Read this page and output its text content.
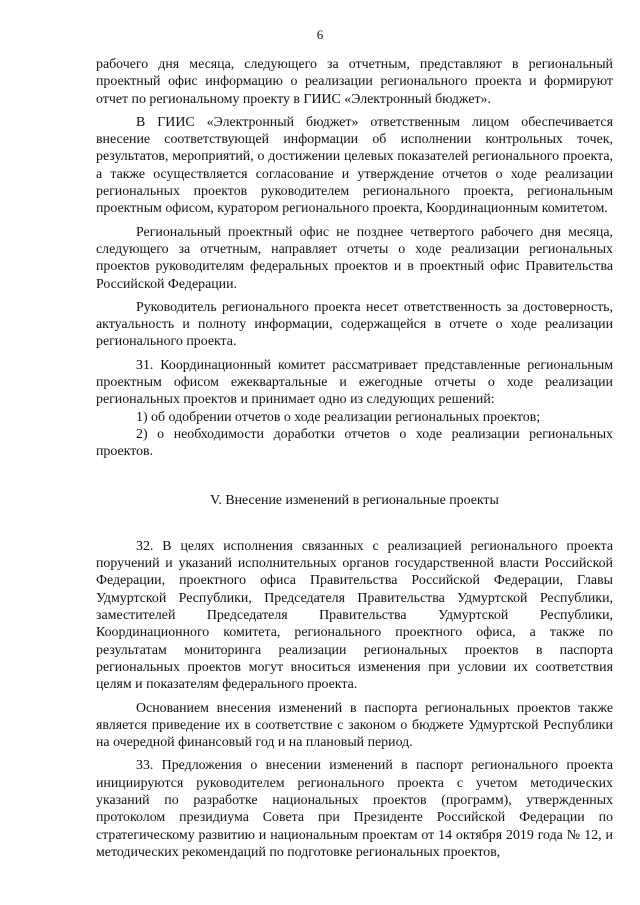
6

рабочего дня месяца, следующего за отчетным, представляют в региональный проектный офис информацию о реализации регионального проекта и формируют отчет по региональному проекту в ГИИС «Электронный бюджет».

В ГИИС «Электронный бюджет» ответственным лицом обеспечивается внесение соответствующей информации об исполнении контрольных точек, результатов, мероприятий, о достижении целевых показателей регионального проекта, а также осуществляется согласование и утверждение отчетов о ходе реализации региональных проектов руководителем регионального проекта, региональным проектным офисом, куратором регионального проекта, Координационным комитетом.

Региональный проектный офис не позднее четвертого рабочего дня месяца, следующего за отчетным, направляет отчеты о ходе реализации региональных проектов руководителям федеральных проектов и в проектный офис Правительства Российской Федерации.

Руководитель регионального проекта несет ответственность за достоверность, актуальность и полноту информации, содержащейся в отчете о ходе реализации регионального проекта.

31. Координационный комитет рассматривает представленные региональным проектным офисом ежеквартальные и ежегодные отчеты о ходе реализации региональных проектов и принимает одно из следующих решений:

1) об одобрении отчетов о ходе реализации региональных проектов;

2) о необходимости доработки отчетов о ходе реализации региональных проектов.

V. Внесение изменений в региональные проекты

32. В целях исполнения связанных с реализацией регионального проекта поручений и указаний исполнительных органов государственной власти Российской Федерации, проектного офиса Правительства Российской Федерации, Главы Удмуртской Республики, Председателя Правительства Удмуртской Республики, заместителей Председателя Правительства Удмуртской Республики, Координационного комитета, регионального проектного офиса, а также по результатам мониторинга реализации региональных проектов в паспорта региональных проектов могут вноситься изменения при условии их соответствия целям и показателям федерального проекта.

Основанием внесения изменений в паспорта региональных проектов также является приведение их в соответствие с законом о бюджете Удмуртской Республики на очередной финансовый год и на плановый период.

33. Предложения о внесении изменений в паспорт регионального проекта инициируются руководителем регионального проекта с учетом методических указаний по разработке национальных проектов (программ), утвержденных протоколом президиума Совета при Президенте Российской Федерации по стратегическому развитию и национальным проектам от 14 октября 2019 года № 12, и методических рекомендаций по подготовке региональных проектов,
